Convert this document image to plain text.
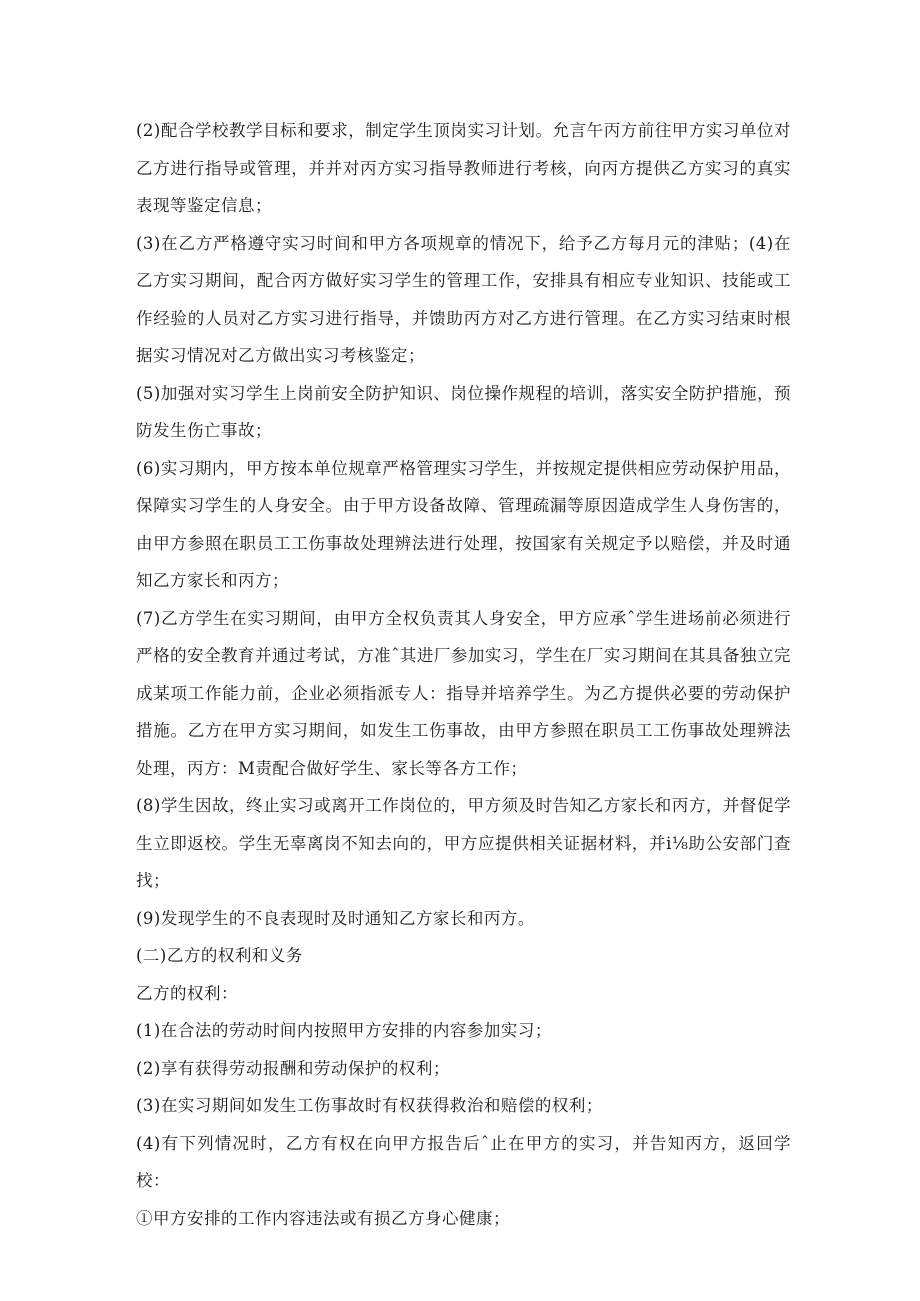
(2)配合学校教学目标和要求，制定学生顶岗实习计划。允言午丙方前往甲方实习单位对乙方进行指导或管理，并并对丙方实习指导教师进行考核，向丙方提供乙方实习的真实表现等鉴定信息；

(3)在乙方严格遵守实习时间和甲方各项规章的情况下，给予乙方每月元的津贴；(4)在乙方实习期间，配合丙方做好实习学生的管理工作，安排具有相应专业知识、技能或工作经验的人员对乙方实习进行指导，并馈助丙方对乙方进行管理。在乙方实习结束时根据实习情况对乙方做出实习考核鉴定；

(5)加强对实习学生上岗前安全防护知识、岗位操作规程的培训，落实安全防护措施，预防发生伤亡事故；

(6)实习期内，甲方按本单位规章严格管理实习学生，并按规定提供相应劳动保护用品，保障实习学生的人身安全。由于甲方设备故障、管理疏漏等原因造成学生人身伤害的，由甲方参照在职员工工伤事故处理辨法进行处理，按国家有关规定予以赔偿，并及时通知乙方家长和丙方；

(7)乙方学生在实习期间，由甲方全权负责其人身安全，甲方应承ˆ学生进场前必须进行严格的安全教育并通过考试，方准ˆ其进厂参加实习，学生在厂实习期间在其具备独立完成某项工作能力前，企业必须指派专人：指导并培养学生。为乙方提供必要的劳动保护措施。乙方在甲方实习期间，如发生工伤事故，由甲方参照在职员工工伤事故处理辨法处理，丙方：M责配合做好学生、家长等各方工作；

(8)学生因故，终止实习或离开工作岗位的，甲方须及时告知乙方家长和丙方，并督促学生立即返校。学生无辜离岗不知去向的，甲方应提供相关证据材料，并i⅛助公安部门查找；

(9)发现学生的不良表现时及时通知乙方家长和丙方。

(二)乙方的权利和义务

乙方的权利：

(1)在合法的劳动时间内按照甲方安排的内容参加实习；

(2)享有获得劳动报酬和劳动保护的权利；

(3)在实习期间如发生工伤事故时有权获得救治和赔偿的权利；

(4)有下列情况时，乙方有权在向甲方报告后ˆ止在甲方的实习，并告知丙方，返回学校：

①甲方安排的工作内容违法或有损乙方身心健康；
